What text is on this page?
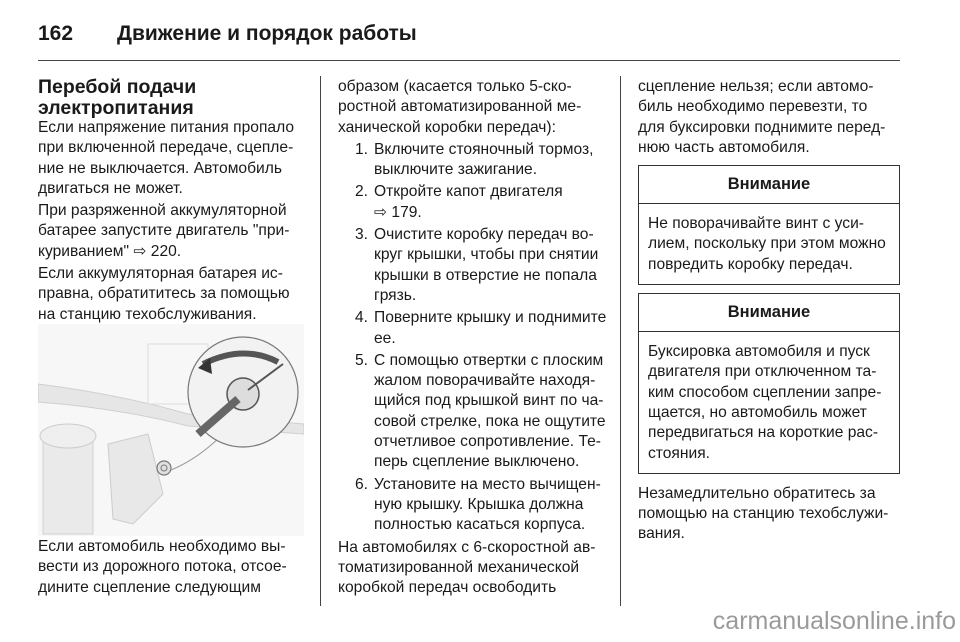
162 Движение и порядок работы
Перебой подачи
электропитания
Если напряжение питания пропало
при включенной передаче, сцепле-
ние не выключается. Автомобиль
двигаться не может.
При разряженной аккумуляторной
батарее запустите двигатель "при-
куриванием" ⇨ 220.
Если аккумуляторная батарея ис-
правна, обратититесь за помощью
на станцию техобслуживания.
Если автомобиль необходимо вы-
вести из дорожного потока, отсое-
дините сцепление следующим
образом (касается только 5-ско-
ростной автоматизированной ме-
ханической коробки передач):
1. Включите стояночный тормоз,
выключите зажигание.
2. Откройте капот двигателя
⇨ 179.
3. Очистите коробку передач во-
круг крышки, чтобы при снятии
крышки в отверстие не попала
грязь.
4. Поверните крышку и поднимите
ее.
5. С помощью отвертки с плоским
жалом поворачивайте находя-
щийся под крышкой винт по ча-
совой стрелке, пока не ощутите
отчетливое сопротивление. Те-
перь сцепление выключено.
6. Установите на место вычищен-
ную крышку. Крышка должна
полностью касаться корпуса.
На автомобилях с 6-скоростной ав-
томатизированной механической
коробкой передач освободить
сцепление нельзя; если автомо-
биль необходимо перевезти, то
для буксировки поднимите перед-
нюю часть автомобиля.
Внимание
Не поворачивайте винт с уси-
лием, поскольку при этом можно
повредить коробку передач.
Внимание
Буксировка автомобиля и пуск
двигателя при отключенном та-
ким способом сцеплении запре-
щается, но автомобиль может
передвигаться на короткие рас-
стояния.
Незамедлительно обратитесь за
помощью на станцию техобслужи-
вания.
carmanualsonline.info
